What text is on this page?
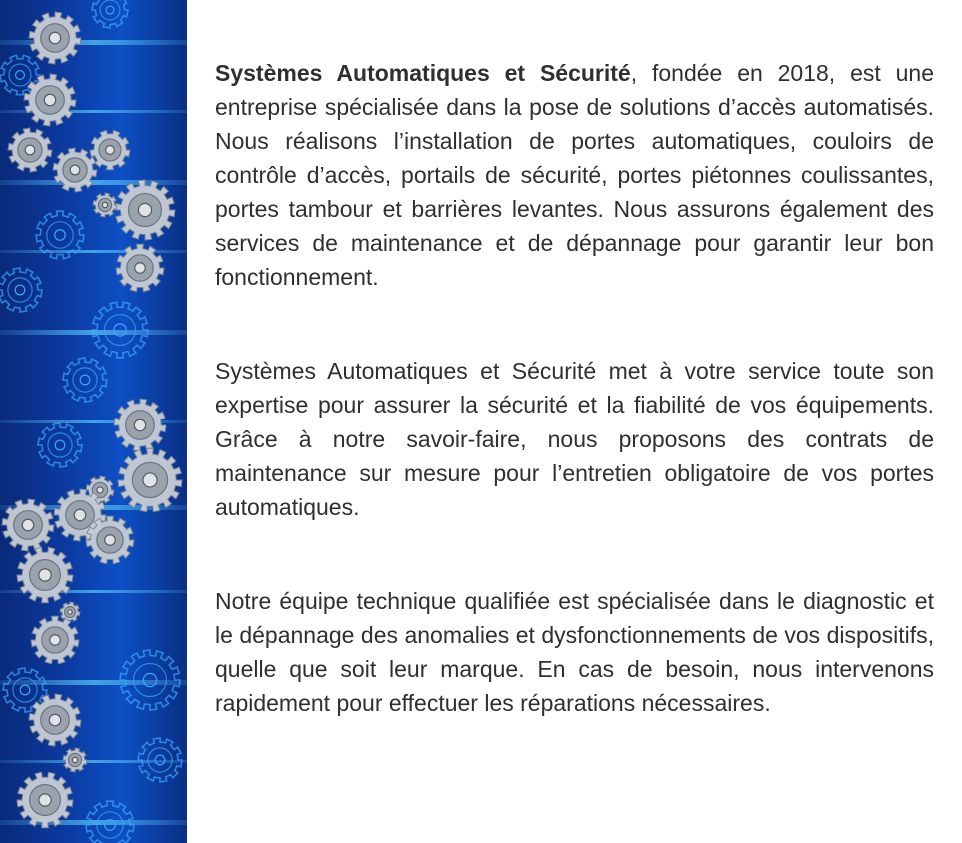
Systèmes Automatiques et Sécurité, fondée en 2018, est une entreprise spécialisée dans la pose de solutions d’accès automatisés. Nous réalisons l’installation de portes automatiques, couloirs de contrôle d’accès, portails de sécurité, portes piétonnes coulissantes, portes tambour et barrières levantes. Nous assurons également des services de maintenance et de dépannage pour garantir leur bon fonctionnement.

Systèmes Automatiques et Sécurité met à votre service toute son expertise pour assurer la sécurité et la fiabilité de vos équipements. Grâce à notre savoir-faire, nous proposons des contrats de maintenance sur mesure pour l’entretien obligatoire de vos portes automatiques.

Notre équipe technique qualifiée est spécialisée dans le diagnostic et le dépannage des anomalies et dysfonctionnements de vos dispositifs, quelle que soit leur marque. En cas de besoin, nous intervenons rapidement pour effectuer les réparations nécessaires.
